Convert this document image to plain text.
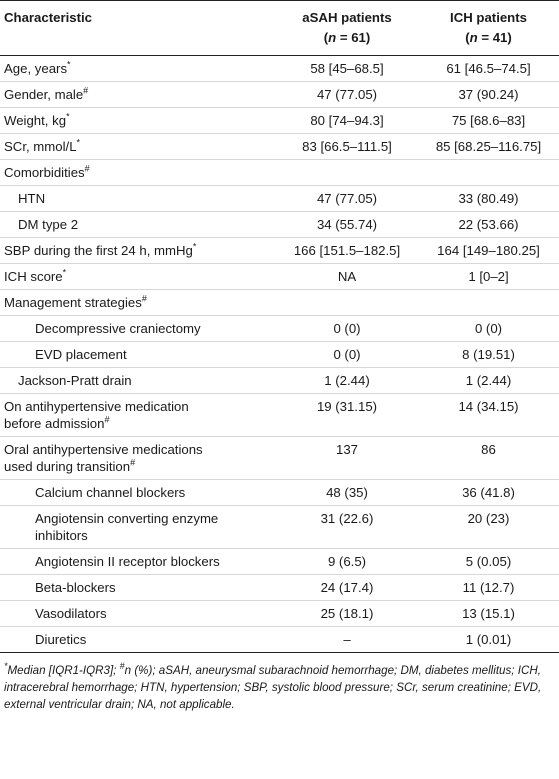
Characteristic	aSAH patients	ICH patients
	(n = 61)	(n = 41)
Age, years*	58 [45–68.5]	61 [46.5–74.5]
Gender, male#	47 (77.05)	37 (90.24)
Weight, kg*	80 [74–94.3]	75 [68.6–83]
SCr, mmol/L*	83 [66.5–111.5]	85 [68.25–116.75]
Comorbidities#		
HTN	47 (77.05)	33 (80.49)
DM type 2	34 (55.74)	22 (53.66)
SBP during the first 24 h, mmHg*	166 [151.5–182.5]	164 [149–180.25]
ICH score*	NA	1 [0–2]
Management strategies#		
Decompressive craniectomy	0 (0)	0 (0)
EVD placement	0 (0)	8 (19.51)
Jackson-Pratt drain	1 (2.44)	1 (2.44)
On antihypertensive medication
before admission#	19 (31.15)	14 (34.15)
Oral antihypertensive medications
used during transition#	137	86
Calcium channel blockers	48 (35)	36 (41.8)
Angiotensin converting enzyme
inhibitors	31 (22.6)	20 (23)
Angiotensin II receptor blockers	9 (6.5)	5 (0.05)
Beta-blockers	24 (17.4)	11 (12.7)
Vasodilators	25 (18.1)	13 (15.1)
Diuretics	–	1 (0.01)
*Median [IQR1-IQR3]; #n (%); aSAH, aneurysmal subarachnoid hemorrhage; DM, diabetes mellitus; ICH, intracerebral hemorrhage; HTN, hypertension; SBP, systolic blood pressure; SCr, serum creatinine; EVD, external ventricular drain; NA, not applicable.
